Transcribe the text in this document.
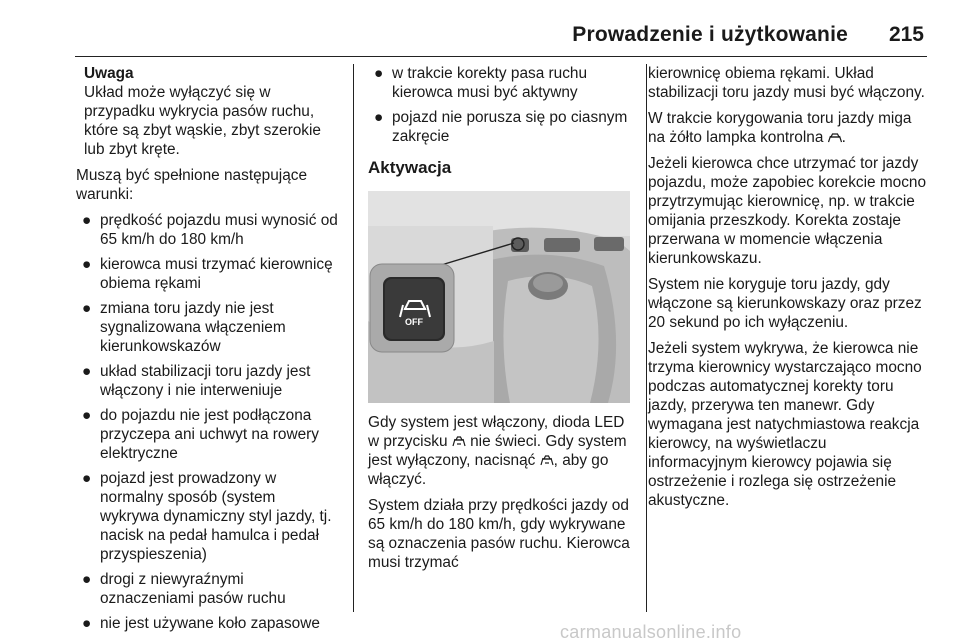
Prowadzenie i użytkowanie 215
Uwaga

Układ może wyłączyć się w przypadku wykrycia pasów ruchu, które są zbyt wąskie, zbyt szerokie lub zbyt kręte.

Muszą być spełnione następujące warunki:

● prędkość pojazdu musi wynosić od 65 km/h do 180 km/h
● kierowca musi trzymać kierownicę obiema rękami
● zmiana toru jazdy nie jest sygnalizowana włączeniem kierunkowskazów
● układ stabilizacji toru jazdy jest włączony i nie interweniuje
● do pojazdu nie jest podłączona przyczepa ani uchwyt na rowery elektryczne
● pojazd jest prowadzony w normalny sposób (system wykrywa dynamiczny styl jazdy, tj. nacisk na pedał hamulca i pedał przyspieszenia)
● drogi z niewyraźnymi oznaczeniami pasów ruchu
● nie jest używane koło zapasowe
● w trakcie korekty pasa ruchu kierowca musi być aktywny
● pojazd nie porusza się po ciasnym zakręcie
Aktywacja
OFF

Gdy system jest włączony, dioda LED w przycisku nie świeci. Gdy system jest wyłączony, nacisnąć , aby go włączyć.

System działa przy prędkości jazdy od 65 km/h do 180 km/h, gdy wykrywane są oznaczenia pasów ruchu. Kierowca musi trzymać

kierownicę obiema rękami. Układ stabilizacji toru jazdy musi być włączony.

W trakcie korygowania toru jazdy miga na żółto lampka kontrolna .

Jeżeli kierowca chce utrzymać tor jazdy pojazdu, może zapobiec korekcie mocno przytrzymując kierownicę, np. w trakcie omijania przeszkody. Korekta zostaje przerwana w momencie włączenia kierunkowskazu.

System nie koryguje toru jazdy, gdy włączone są kierunkowskazy oraz przez 20 sekund po ich wyłączeniu.

Jeżeli system wykrywa, że kierowca nie trzyma kierownicy wystarczająco mocno podczas automatycznej korekty toru jazdy, przerywa ten manewr. Gdy wymagana jest natychmiastowa reakcja kierowcy, na wyświetlaczu informacyjnym kierowcy pojawia się ostrzeżenie i rozlega się ostrzeżenie akustyczne.

carmanualsonline.info
